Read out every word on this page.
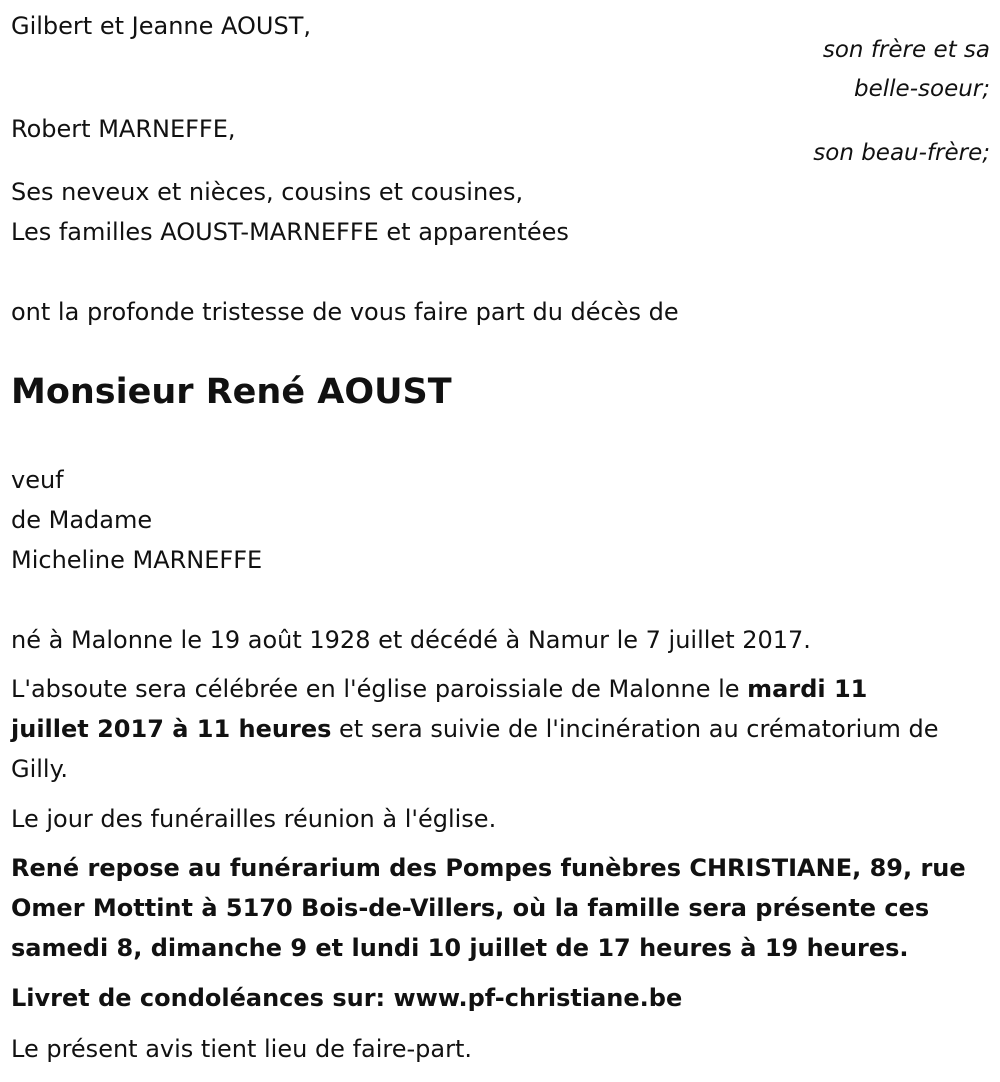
Gilbert et Jeanne AOUST,
son frère et sa
belle-soeur;
Robert MARNEFFE,
son beau-frère;
Ses neveux et nièces, cousins et cousines,
Les familles AOUST-MARNEFFE et apparentées
ont la profonde tristesse de vous faire part du décès de
Monsieur René AOUST
veuf
de Madame
Micheline MARNEFFE
né à Malonne le 19 août 1928 et décédé à Namur le 7 juillet 2017.
L'absoute sera célébrée en l'église paroissiale de Malonne le mardi 11
juillet 2017 à 11 heures et sera suivie de l'incinération au crématorium de
Gilly.
Le jour des funérailles réunion à l'église.
René repose au funérarium des Pompes funèbres CHRISTIANE, 89, rue
Omer Mottint à 5170 Bois-de-Villers, où la famille sera présente ces
samedi 8, dimanche 9 et lundi 10 juillet de 17 heures à 19 heures.
Livret de condoléances sur: www.pf-christiane.be
Le présent avis tient lieu de faire-part.
